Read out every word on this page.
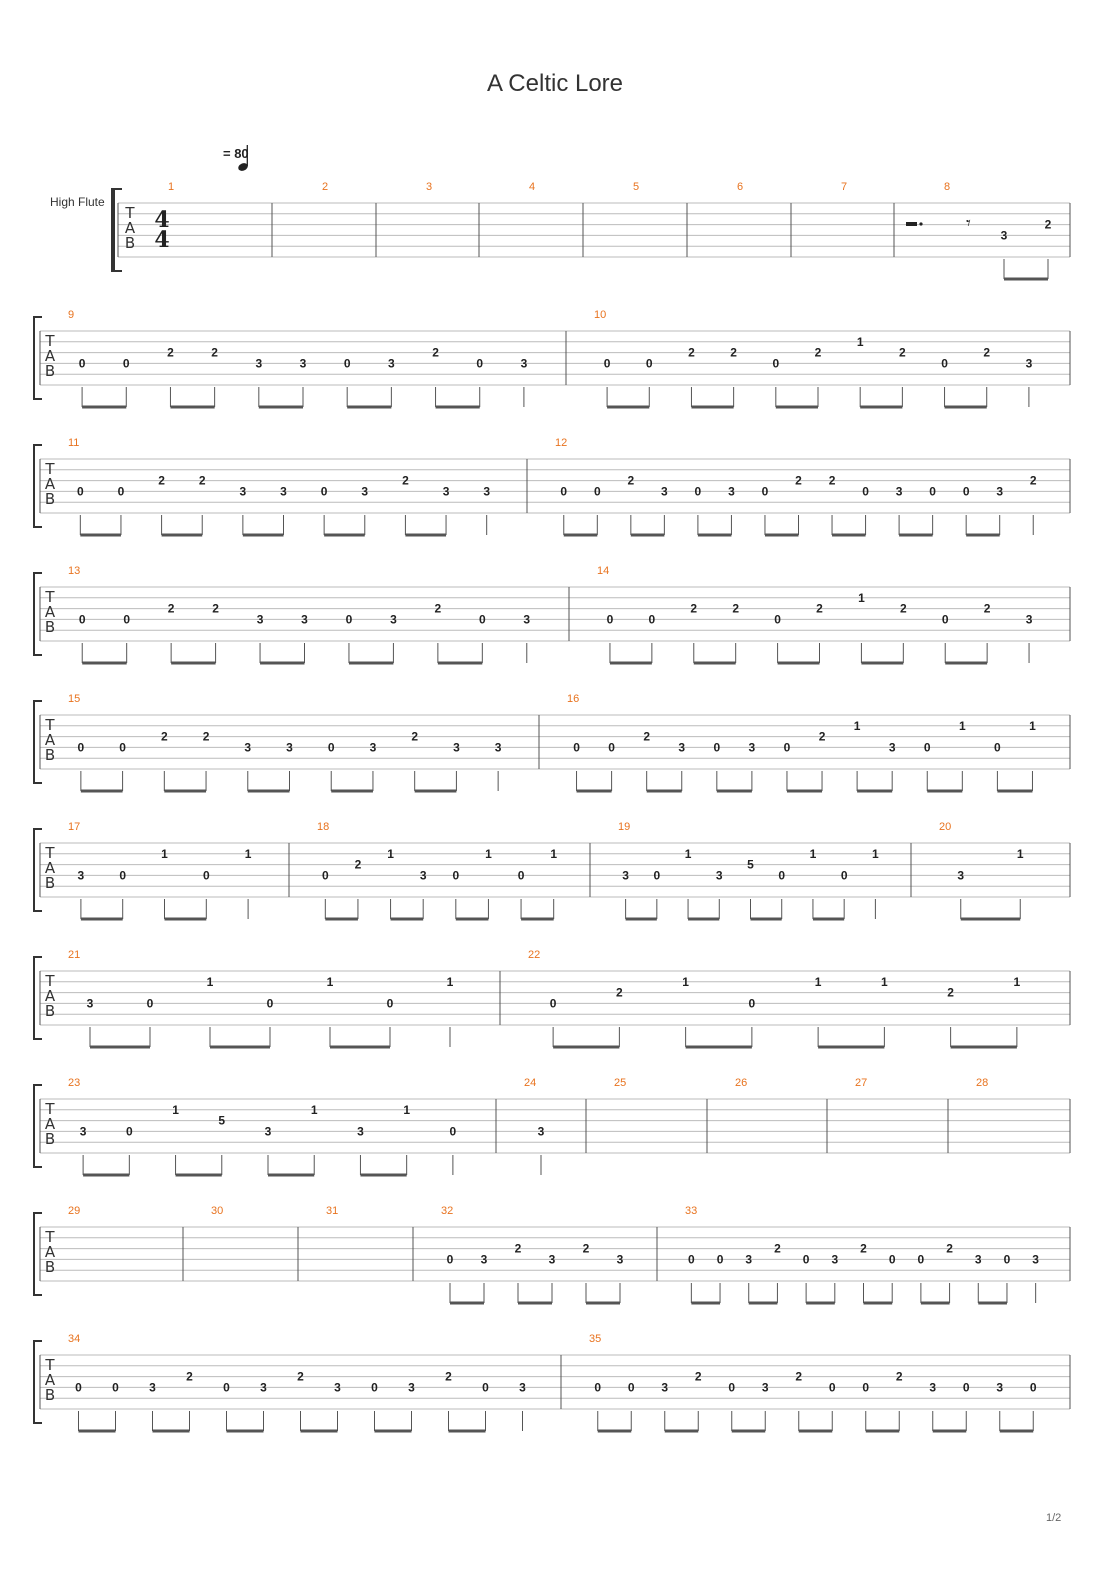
A Celtic Lore
= 80
High Flute
T
A
B
4
4
1	2	3	4	5	6	7	8
3
2
𝄾
T
A
B
9
0	0
2	2
3	3	0	3
2
0	3
10
0	0
2	2
0
2
1
2
0
2
3
T
A
B
11
0	0
2	2
3	3	0	3
2
3	3
12
0 0
2
3 0 3 0
2 2
0 3 0 0 3
2
T
A
B
13
0	0
2	2
3	3	0	3
2
0	3
14
0	0
2	2
0
2
1
2
0
2
3
T
A
B
15
0	0
2	2
3	3	0	3
2
3	3
16
0 0
2
3 0 3 0
2
1
3 0
1
0
1
T
A
B
17
3	0
1
0
1
18
0
2
1
3 0
1
0
1
19
3 0
1
3
5
0
1
0
1
20
3
1
T
A
B
21
3	0
1
0
1
0
1
22
0
2
1
0
1	1
2
1
T
A
B
23
3	0
1
5
3
1
3
1
0
24
3
25	26	27	28
T
A
B
29	30	31	32
0 3
2
3
2
3
33
0 0 3
2
0 3
2
0 0
2
3 0 3
T
A
B
34
0	0	3
2
0	3
2
3	0	3
2
0	3
35
0 0 3
2
0 3
2
0 0
2
3 0 3 0
1/2
